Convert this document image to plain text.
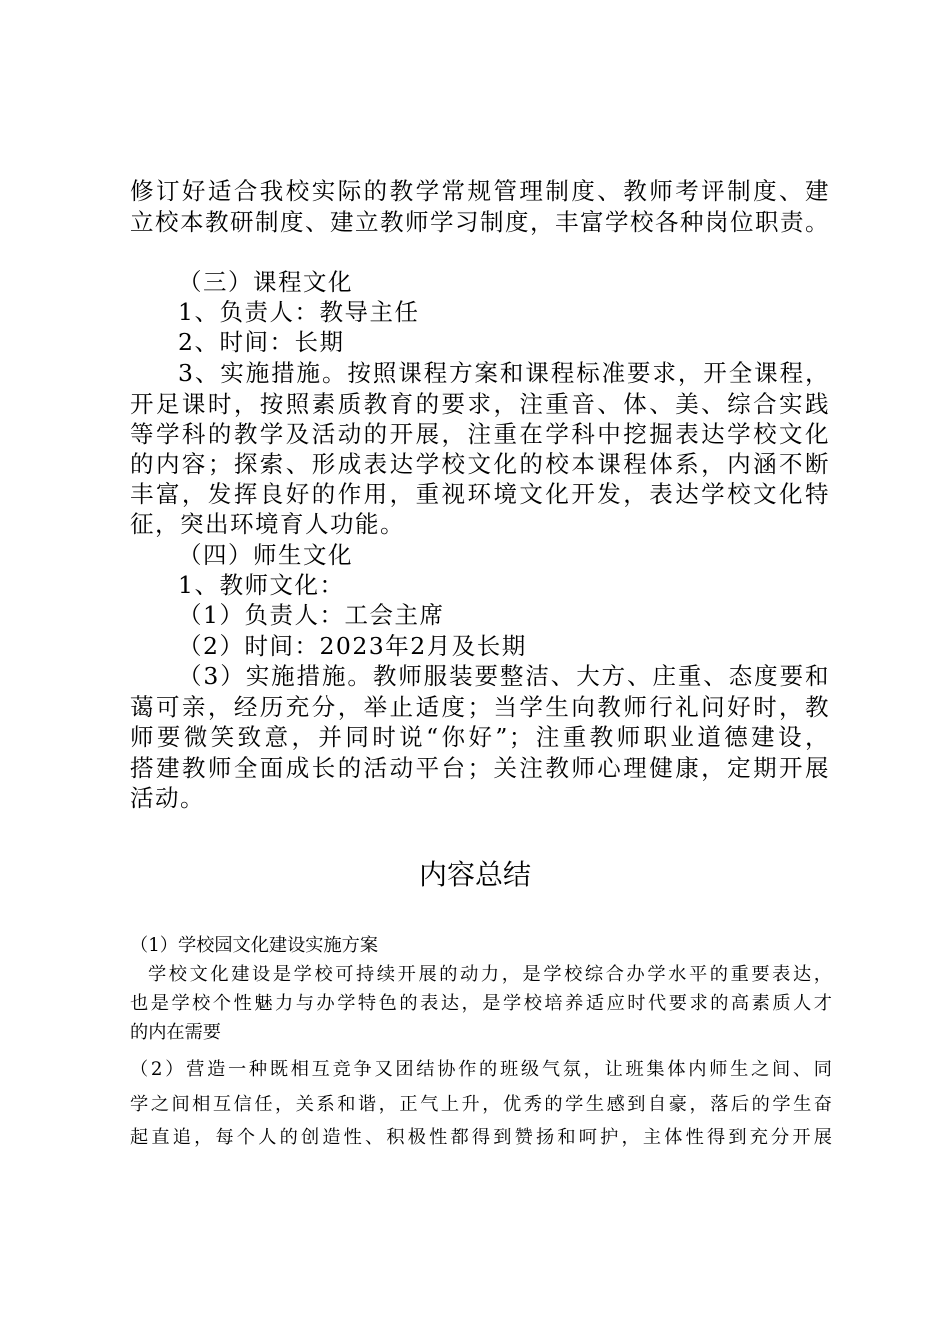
修订好适合我校实际的教学常规管理制度、教师考评制度、建
立校本教研制度、建立教师学习制度，丰富学校各种岗位职责。
（三）课程文化
1、负责人：教导主任
2、时间：长期
3、实施措施。按照课程方案和课程标准要求，开全课程，
开足课时，按照素质教育的要求，注重音、体、美、综合实践
等学科的教学及活动的开展，注重在学科中挖掘表达学校文化
的内容；探索、形成表达学校文化的校本课程体系，内涵不断
丰富，发挥良好的作用，重视环境文化开发，表达学校文化特
征，突出环境育人功能。
（四）师生文化
1、教师文化：
（1）负责人：工会主席
（2）时间：2023年2月及长期
（3）实施措施。教师服装要整洁、大方、庄重、态度要和
蔼可亲，经历充分，举止适度；当学生向教师行礼问好时，教
师要微笑致意，并同时说“你好”；注重教师职业道德建设，
搭建教师全面成长的活动平台；关注教师心理健康，定期开展
活动。
内容总结
（1）学校园文化建设实施方案
学校文化建设是学校可持续开展的动力，是学校综合办学水平的重要表达，
也是学校个性魅力与办学特色的表达，是学校培养适应时代要求的高素质人才
的内在需要
（2）营造一种既相互竞争又团结协作的班级气氛，让班集体内师生之间、同
学之间相互信任，关系和谐，正气上升，优秀的学生感到自豪，落后的学生奋
起直追，每个人的创造性、积极性都得到赞扬和呵护，主体性得到充分开展
